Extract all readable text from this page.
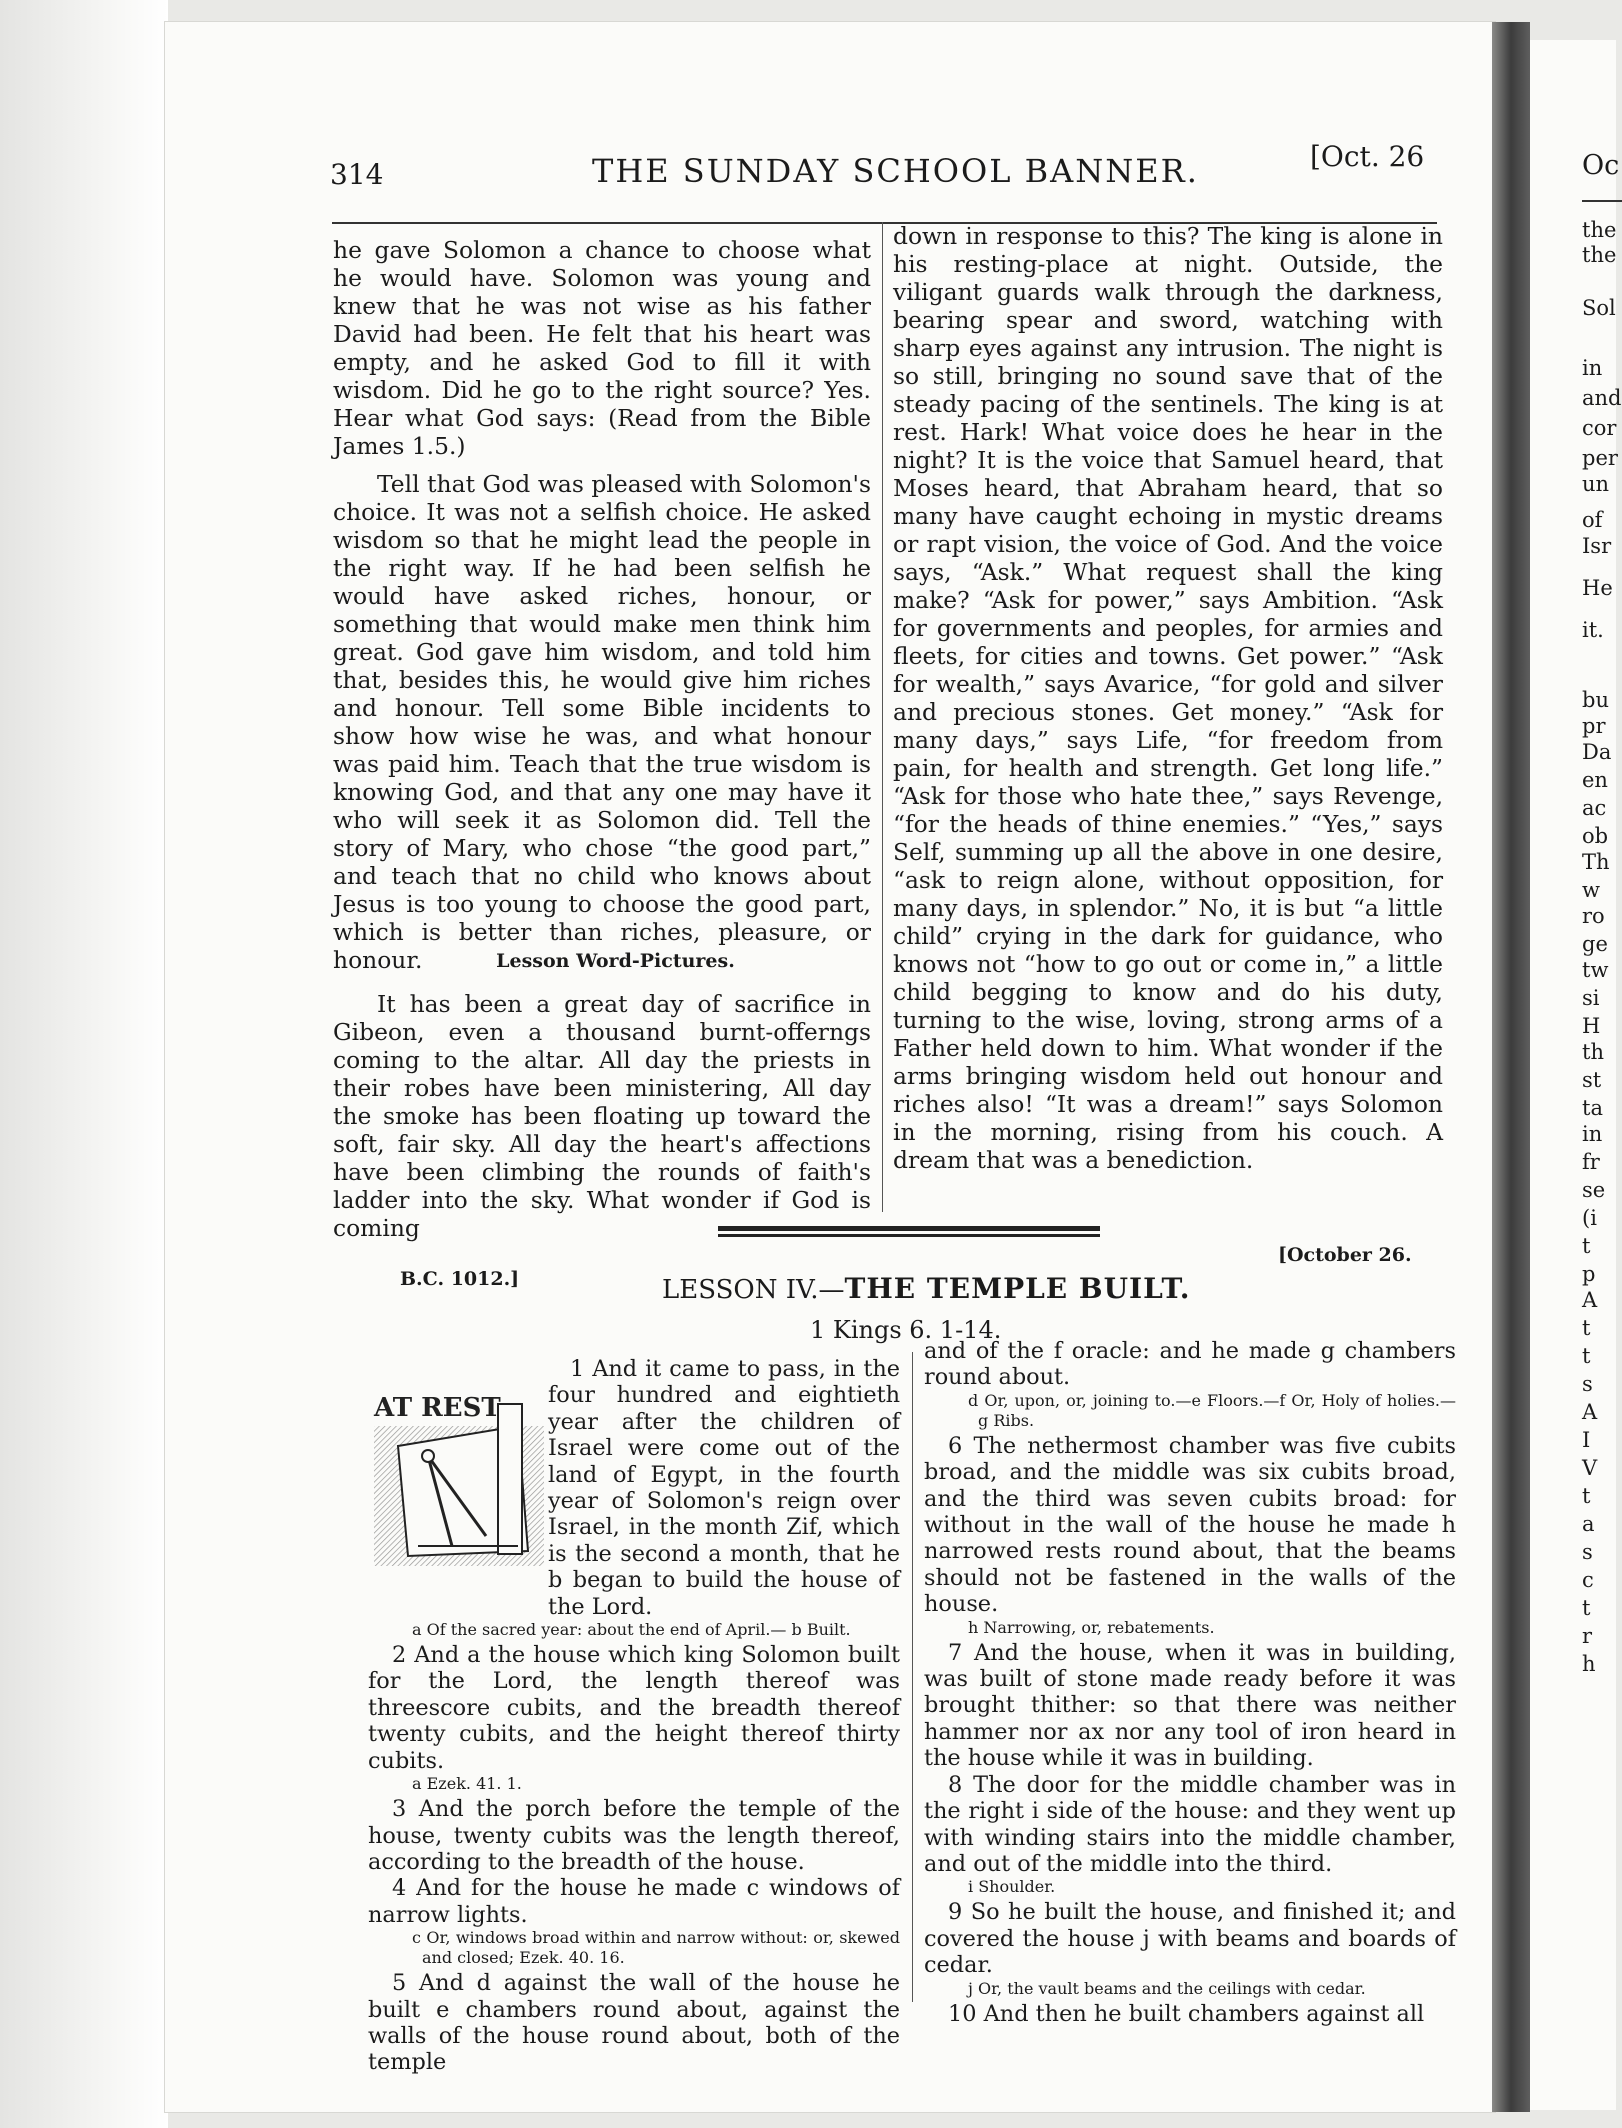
Oc
the
the
Sol
in
and
cor
per
un
of
Isr
He
it.
bu
pr
Da
en
ac
ob
Th
w
ro
ge
tw
si
H
th
st
ta
in
fr
se
(i
t
p
A
t
t
s
A
I
V
t
a
s
c
t
r
h
314	THE SUNDAY SCHOOL BANNER.	[Oct. 26

he gave Solomon a chance to choose what he would have. Solomon was young and knew that he was not wise as his father David had been. He felt that his heart was empty, and he asked God to fill it with wisdom. Did he go to the right source? Yes. Hear what God says: (Read from the Bible James 1.5.)

Tell that God was pleased with Solomon's choice. It was not a selfish choice. He asked wisdom so that he might lead the people in the right way. If he had been selfish he would have asked riches, honour, or something that would make men think him great. God gave him wisdom, and told him that, besides this, he would give him riches and honour. Tell some Bible incidents to show how wise he was, and what honour was paid him. Teach that the true wisdom is knowing God, and that any one may have it who will seek it as Solomon did. Tell the story of Mary, who chose “the good part,” and teach that no child who knows about Jesus is too young to choose the good part, which is better than riches, pleasure, or honour.	Lesson Word-Pictures.

It has been a great day of sacrifice in Gibeon, even a thousand burnt-offerngs coming to the altar. All day the priests in their robes have been ministering, All day the smoke has been floating up toward the soft, fair sky. All day the heart's affections have been climbing the rounds of faith's ladder into the sky. What wonder if God is coming

down in response to this? The king is alone in his resting-place at night. Outside, the viligant guards walk through the darkness, bearing spear and sword, watching with sharp eyes against any intrusion. The night is so still, bringing no sound save that of the steady pacing of the sentinels. The king is at rest. Hark! What voice does he hear in the night? It is the voice that Samuel heard, that Moses heard, that Abraham heard, that so many have caught echoing in mystic dreams or rapt vision, the voice of God. And the voice says, “Ask.” What request shall the king make? “Ask for power,” says Ambition. “Ask for governments and peoples, for armies and fleets, for cities and towns. Get power.” “Ask for wealth,” says Avarice, “for gold and silver and precious stones. Get money.” “Ask for many days,” says Life, “for freedom from pain, for health and strength. Get long life.” “Ask for those who hate thee,” says Revenge, “for the heads of thine enemies.” “Yes,” says Self, summing up all the above in one desire, “ask to reign alone, without opposition, for many days, in splendor.” No, it is but “a little child” crying in the dark for guidance, who knows not “how to go out or come in,” a little child begging to know and do his duty, turning to the wise, loving, strong arms of a Father held down to him. What wonder if the arms bringing wisdom held out honour and riches also! “It was a dream!” says Solomon in the morning, rising from his couch. A dream that was a benediction.

B.C. 1012.]
[October 26.
LESSON IV.—THE TEMPLE BUILT.
1 Kings 6. 1-14.
AT REST
1 And it came to pass, in the four hundred and eightieth year after the children of Israel were come out of the land of Egypt, in the fourth year of Solomon's reign over Israel, in the month Zif, which is the second a month, that he b began to build the house of the Lord.
a Of the sacred year: about the end of April.— b Built.
2 And a the house which king Solomon built for the Lord, the length thereof was threescore cubits, and the breadth thereof twenty cubits, and the height thereof thirty cubits.
a Ezek. 41. 1.
3 And the porch before the temple of the house, twenty cubits was the length thereof, according to the breadth of the house.
4 And for the house he made c windows of narrow lights.
c Or, windows broad within and narrow without: or, skewed and closed; Ezek. 40. 16.
5 And d against the wall of the house he built e chambers round about, against the walls of the house round about, both of the temple
and of the f oracle: and he made g chambers round about.
d Or, upon, or, joining to.—e Floors.—f Or, Holy of holies.—g Ribs.
6 The nethermost chamber was five cubits broad, and the middle was six cubits broad, and the third was seven cubits broad: for without in the wall of the house he made h narrowed rests round about, that the beams should not be fastened in the walls of the house.
h Narrowing, or, rebatements.
7 And the house, when it was in building, was built of stone made ready before it was brought thither: so that there was neither hammer nor ax nor any tool of iron heard in the house while it was in building.
8 The door for the middle chamber was in the right i side of the house: and they went up with winding stairs into the middle chamber, and out of the middle into the third.
i Shoulder.
9 So he built the house, and finished it; and covered the house j with beams and boards of cedar.
j Or, the vault beams and the ceilings with cedar.
10 And then he built chambers against all
